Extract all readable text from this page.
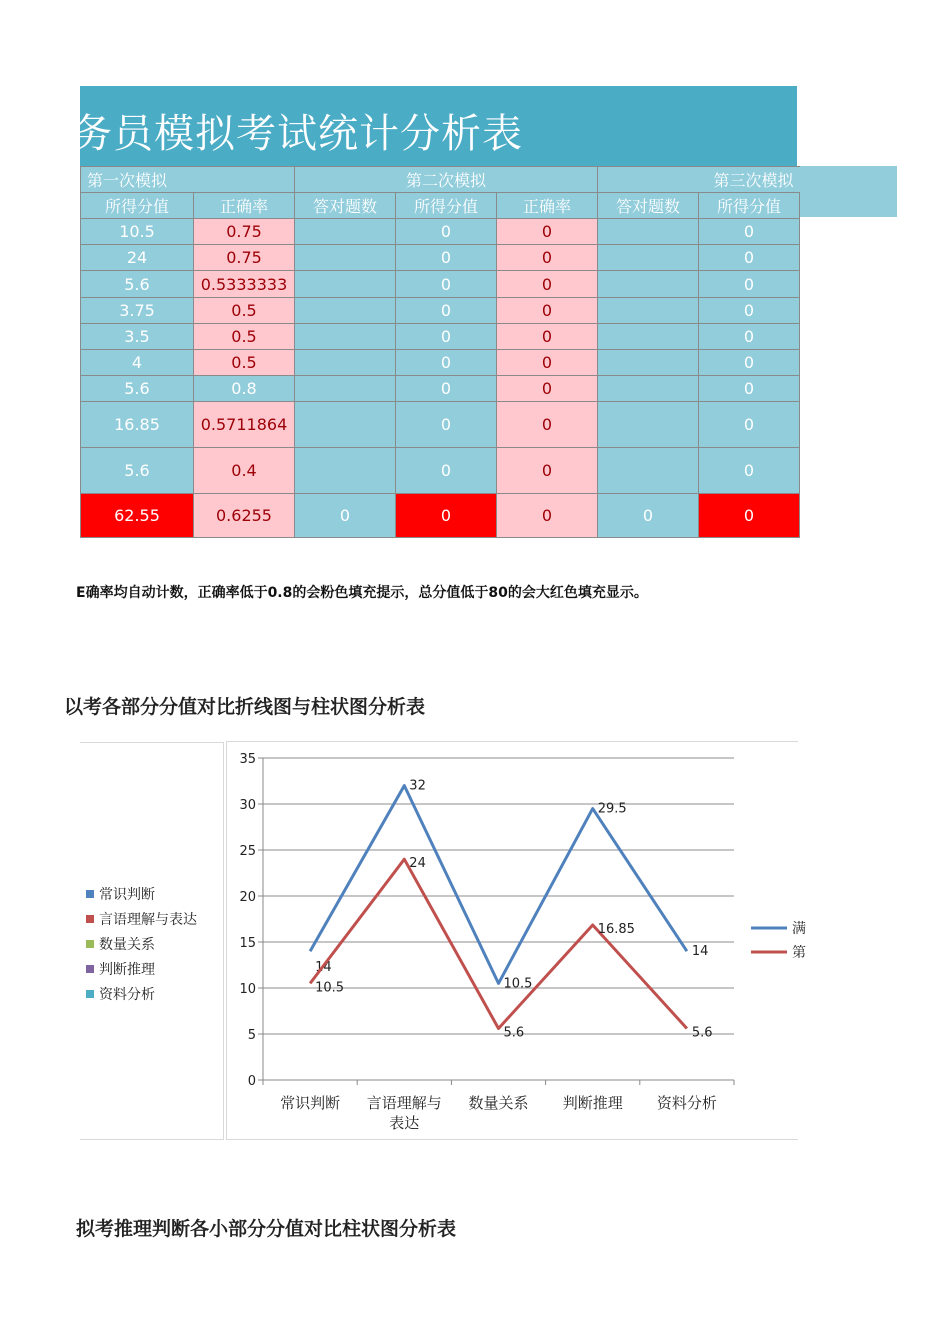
务员模拟考试统计分析表
第一次模拟		第二次模拟			第三次模拟	
所得分值	正确率	答对题数	所得分值	正确率	答对题数	所得分值
10.5	0.75		0	0		0
24	0.75		0	0		0
5.6	0.5333333		0	0		0
3.75	0.5		0	0		0
3.5	0.5		0	0		0
4	0.5		0	0		0
5.6	0.8		0	0		0
16.85	0.5711864		0	0		0
5.6	0.4		0	0		0
62.55	0.6255	0	0	0	0	0
E确率均自动计数，正确率低于0.8的会粉色填充提示，总分值低于80的会大红色填充显示。
以考各部分分值对比折线图与柱状图分析表
常识判断
言语理解与表达
数量关系
判断推理
资料分析
0
5
10
15
20
25
30
35
常识判断 言语理解与
表达
数量关系 判断推理 资料分析
14
32
10.5
29.5
14
满
10.5
24
5.6
16.85
5.6
第
拟考推理判断各小部分分值对比柱状图分析表
